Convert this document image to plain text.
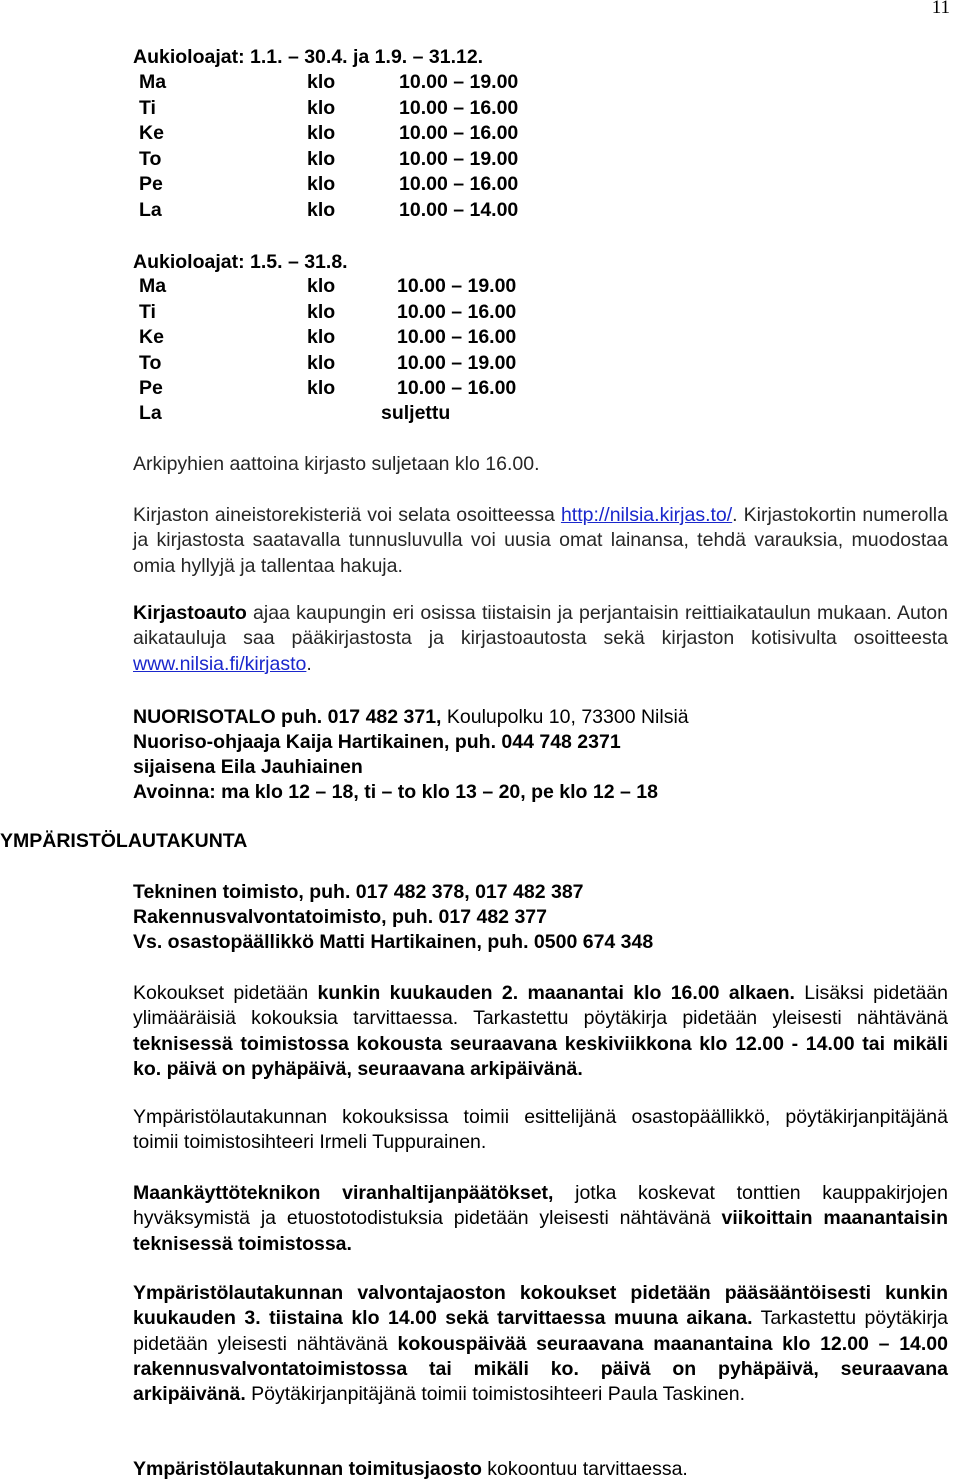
11
Aukioloajat: 1.1. – 30.4. ja 1.9. – 31.12.
Ma	klo	10.00 – 19.00
Ti	klo	10.00 – 16.00
Ke	klo	10.00 – 16.00
To	klo	10.00 – 19.00
Pe	klo	10.00 – 16.00
La	klo	10.00 – 14.00
Aukioloajat: 1.5. – 31.8.
Ma	klo	10.00 – 19.00
Ti	klo	10.00 – 16.00
Ke	klo	10.00 – 16.00
To	klo	10.00 – 19.00
Pe	klo	10.00 – 16.00
La	suljettu
Arkipyhien aattoina kirjasto suljetaan klo 16.00.
Kirjaston aineistorekisteriä voi selata osoitteessa http://nilsia.kirjas.to/. Kirjastokortin numerolla ja kirjastosta saatavalla tunnusluvulla voi uusia omat lainansa, tehdä varauksia, muodostaa omia hyllyjä ja tallentaa hakuja.
Kirjastoauto ajaa kaupungin eri osissa tiistaisin ja perjantaisin reittiaikataulun mukaan. Auton aikatauluja saa pääkirjastosta ja kirjastoautosta sekä kirjaston kotisivulta osoitteesta www.nilsia.fi/kirjasto.
NUORISOTALO puh. 017 482 371, Koulupolku 10, 73300 Nilsiä
Nuoriso-ohjaaja Kaija Hartikainen, puh. 044 748 2371
sijaisena Eila Jauhiainen
Avoinna: ma klo 12 – 18, ti – to klo 13 – 20, pe klo 12 – 18
YMPÄRISTÖLAUTAKUNTA
Tekninen toimisto, puh. 017 482 378, 017 482 387
Rakennusvalvontatoimisto, puh. 017 482 377
Vs. osastopäällikkö Matti Hartikainen, puh. 0500 674 348
Kokoukset pidetään kunkin kuukauden 2. maanantai klo 16.00 alkaen. Lisäksi pidetään ylimääräisiä kokouksia tarvittaessa. Tarkastettu pöytäkirja pidetään yleisesti nähtävänä teknisessä toimistossa kokousta seuraavana keskiviikkona klo 12.00 - 14.00 tai mikäli ko. päivä on pyhäpäivä, seuraavana arkipäivänä.
Ympäristölautakunnan kokouksissa toimii esittelijänä osastopäällikkö, pöytäkirjanpitäjänä toimii toimistosihteeri Irmeli Tuppurainen.
Maankäyttöteknikon viranhaltijanpäätökset, jotka koskevat tonttien kauppakirjojen hyväksymistä ja etuostotodistuksia pidetään yleisesti nähtävänä viikoittain maanantaisin teknisessä toimistossa.
Ympäristölautakunnan valvontajaoston kokoukset pidetään pääsääntöisesti kunkin kuukauden 3. tiistaina klo 14.00 sekä tarvittaessa muuna aikana. Tarkastettu pöytäkirja pidetään yleisesti nähtävänä kokouspäivää seuraavana maanantaina klo 12.00 – 14.00 rakennusvalvontatoimistossa tai mikäli ko. päivä on pyhäpäivä, seuraavana arkipäivänä. Pöytäkirjanpitäjänä toimii toimistosihteeri Paula Taskinen.
Ympäristölautakunnan toimitusjaosto kokoontuu tarvittaessa.
